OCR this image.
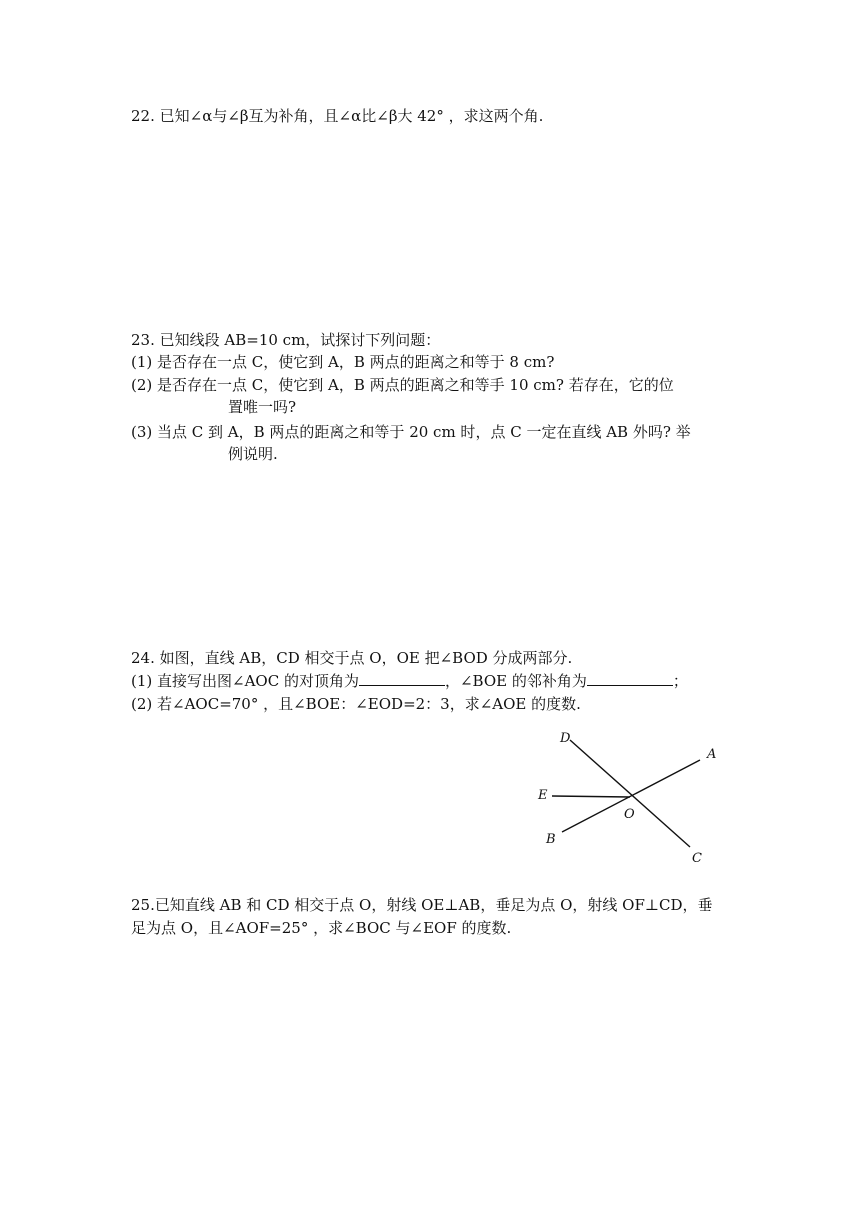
22. 已知∠α与∠β互为补角，且∠α比∠β大 42° ，求这两个角.
23. 已知线段 AB=10 cm，试探讨下列问题：
(1) 是否存在一点 C，使它到 A，B 两点的距离之和等于 8 cm?
(2) 是否存在一点 C，使它到 A，B 两点的距离之和等手 10 cm? 若存在，它的位
置唯一吗?
(3) 当点 C 到 A，B 两点的距离之和等于 20 cm 时，点 C 一定在直线 AB 外吗? 举
例说明.
24. 如图，直线 AB，CD 相交于点 O，OE 把∠BOD 分成两部分.
(1) 直接写出图∠AOC 的对顶角为	，∠BOE 的邻补角为	；
(2) 若∠AOC=70° ，且∠BOE：∠EOD=2：3，求∠AOE 的度数.
D
A
E
O
B
C
25.已知直线 AB 和 CD 相交于点 O，射线 OE⊥AB，垂足为点 O，射线 OF⊥CD，垂
足为点 O，且∠AOF=25° ，求∠BOC 与∠EOF 的度数.
